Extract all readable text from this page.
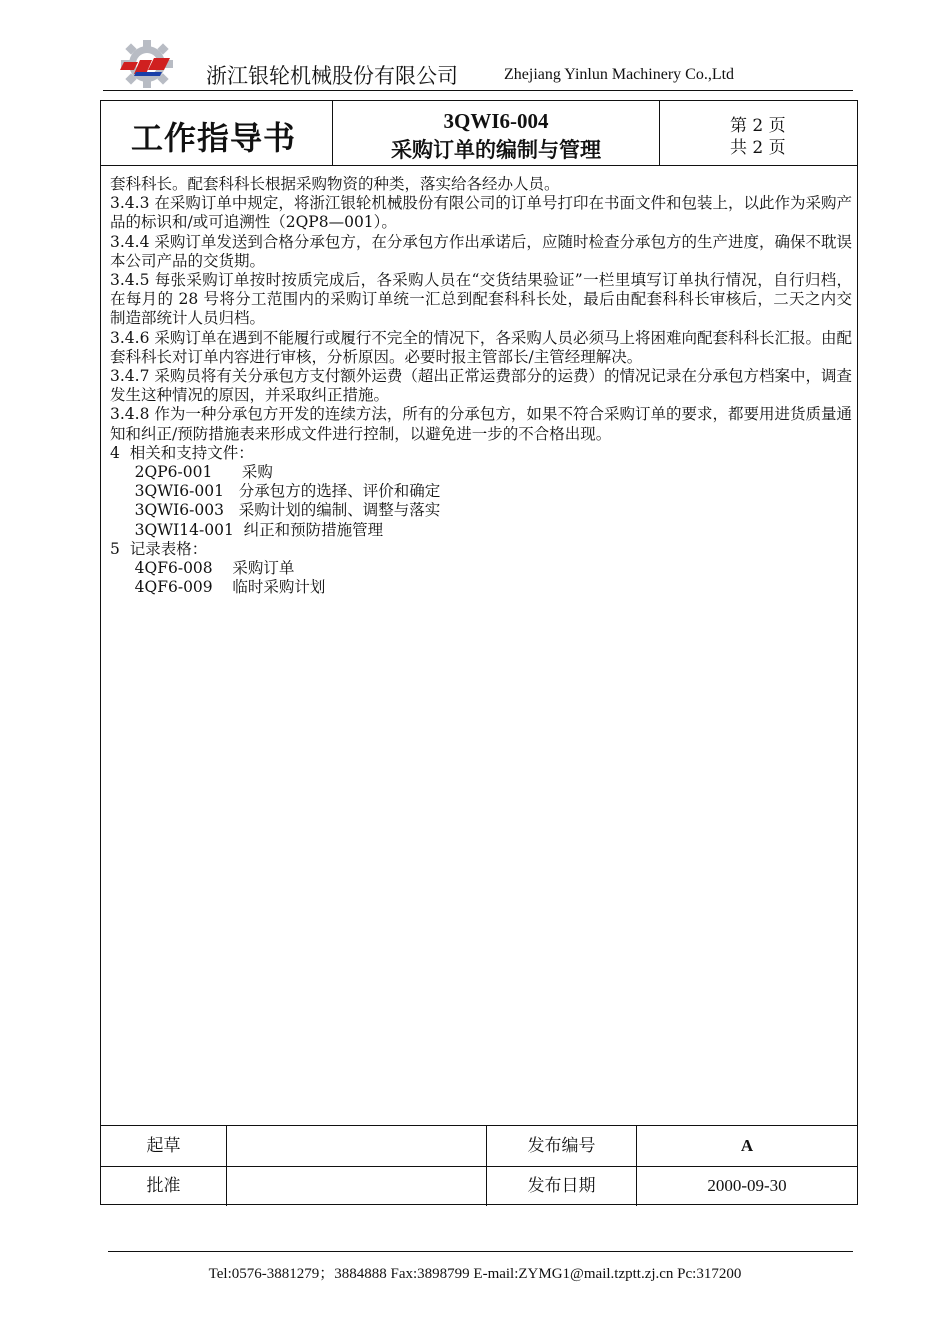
浙江银轮机械股份有限公司	Zhejiang Yinlun Machinery Co.,Ltd
工作指导书	3QWI6-004
采购订单的编制与管理
第 2 页
共 2 页

套科科长。配套科科长根据采购物资的种类，落实给各经办人员。

3.4.3 在采购订单中规定，将浙江银轮机械股份有限公司的订单号打印在书面文件和包装上，以此作为采购产品的标识和/或可追溯性（2QP8—001）。

3.4.4 采购订单发送到合格分承包方，在分承包方作出承诺后，应随时检查分承包方的生产进度，确保不耽误本公司产品的交货期。

3.4.5 每张采购订单按时按质完成后，各采购人员在“交货结果验证”一栏里填写订单执行情况，自行归档，在每月的 28 号将分工范围内的采购订单统一汇总到配套科科长处，最后由配套科科长审核后，二天之内交制造部统计人员归档。

3.4.6 采购订单在遇到不能履行或履行不完全的情况下，各采购人员必须马上将困难向配套科科长汇报。由配套科科长对订单内容进行审核，分析原因。必要时报主管部长/主管经理解决。

3.4.7 采购员将有关分承包方支付额外运费（超出正常运费部分的运费）的情况记录在分承包方档案中，调查发生这种情况的原因，并采取纠正措施。

3.4.8 作为一种分承包方开发的连续方法，所有的分承包方，如果不符合采购订单的要求，都要用进货质量通知和纠正/预防措施表来形成文件进行控制，以避免进一步的不合格出现。

4  相关和支持文件：

2QP6-001 采购

3QWI6-001 分承包方的选择、评价和确定

3QWI6-003 采购计划的编制、调整与落实

3QWI14-001 纠正和预防措施管理

5  记录表格：

4QF6-008 采购订单

4QF6-009 临时采购计划

起草	发布编号	A
批准	发布日期	2000-09-30
Tel:0576-3881279；3884888 Fax:3898799 E-mail:ZYMG1@mail.tzptt.zj.cn Pc:317200
